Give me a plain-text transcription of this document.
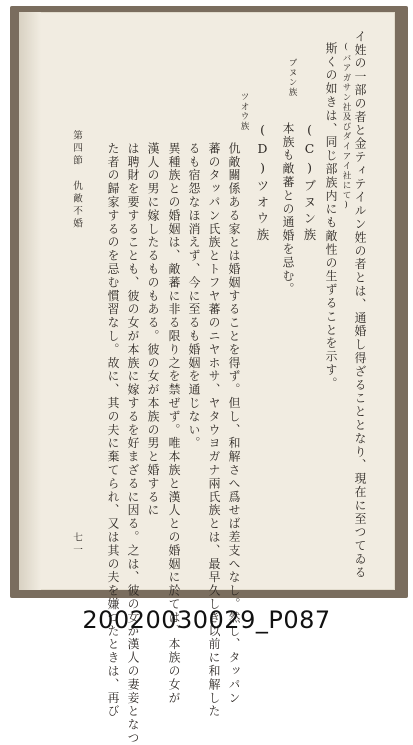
イ姓の一部の者と金ティテイルン姓の者とは、通婚し得ざることとなり、現在に至つてゐる
(バアガサン社及びダイアイ社にて)
斯くの如きは、同じ部族内にも敵性の生ずることを示す。
(C)ブヌン族
本族も敵蕃との通婚を忌む。
(D)ツオウ族
仇敵關係ある家とは婚姻することを得ず。但し、和解さへ爲せば差支へなし。然し、タッパン
蕃のタッパン氏族とトフヤ蕃のニヤホサ、ヤタウヨガナ兩氏族とは、最早久しき以前に和解した
るも宿怨なほ消えず、今に至るも婚姻を通じない。
異種族との婚姻は、敵蕃に非る限り之を禁ぜず。唯本族と漢人との婚姻に於ては、本族の女が
漢人の男に嫁したるものもある。彼の女が本族の男と婚するに
は聘財を要することも、彼の女が本族に嫁するを好まざるに因る。之は、彼の女が漢人の妻妾となつ
た者の歸家するのを忌む慣習なし。故に、其の夫に棄てられ、又は其の夫を嫌つたときは、再び
ブヌン族
ツオウ族
第四節　仇敵不婚
七一
20020030029_P087
